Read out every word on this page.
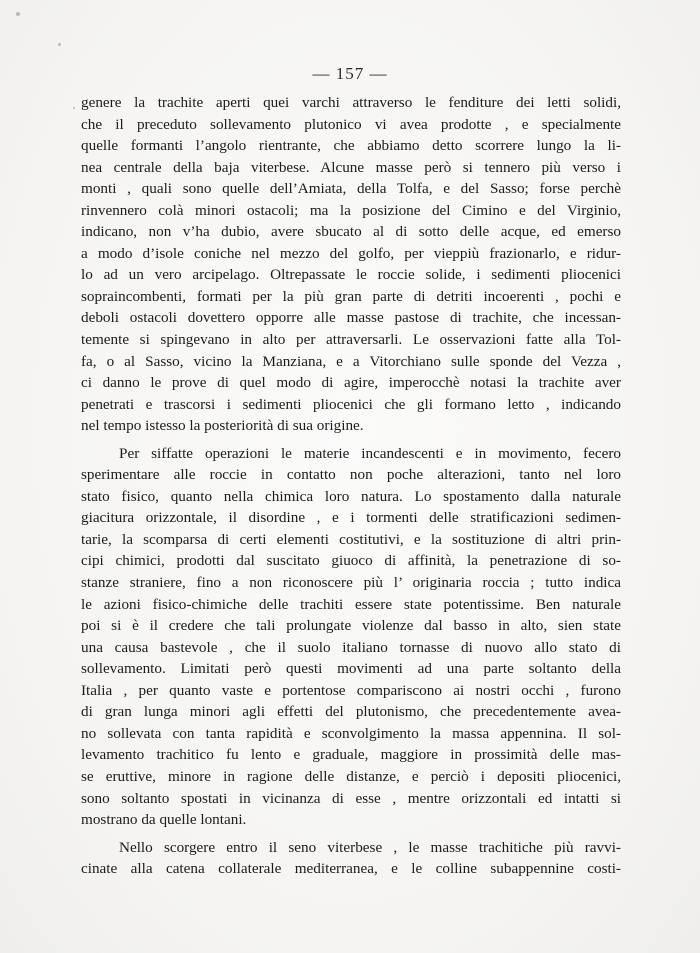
— 157 —
genere la trachite aperti quei varchi attraverso le fenditure dei letti solidi,
che il preceduto sollevamento plutonico vi avea prodotte , e specialmente
quelle formanti l’angolo rientrante, che abbiamo detto scorrere lungo la li-
nea centrale della baja viterbese. Alcune masse però si tennero più verso i
monti , quali sono quelle dell’Amiata, della Tolfa, e del Sasso; forse perchè
rinvennero colà minori ostacoli; ma la posizione del Cimino e del Virginio,
indicano, non v’ha dubio, avere sbucato al di sotto delle acque, ed emerso
a modo d’isole coniche nel mezzo del golfo, per vieppiù frazionarlo, e ridur-
lo ad un vero arcipelago. Oltrepassate le roccie solide, i sedimenti pliocenici
sopraincombenti, formati per la più gran parte di detriti incoerenti , pochi e
deboli ostacoli dovettero opporre alle masse pastose di trachite, che incessan-
temente si spingevano in alto per attraversarli. Le osservazioni fatte alla Tol-
fa, o al Sasso, vicino la Manziana, e a Vitorchiano sulle sponde del Vezza ,
ci danno le prove di quel modo di agire, imperocchè notasi la trachite aver
penetrati e trascorsi i sedimenti pliocenici che gli formano letto , indicando
nel tempo istesso la posteriorità di sua origine.
Per siffatte operazioni le materie incandescenti e in movimento, fecero
sperimentare alle roccie in contatto non poche alterazioni, tanto nel loro
stato fisico, quanto nella chimica loro natura. Lo spostamento dalla naturale
giacitura orizzontale, il disordine , e i tormenti delle stratificazioni sedimen-
tarie, la scomparsa di certi elementi costitutivi, e la sostituzione di altri prin-
cipi chimici, prodotti dal suscitato giuoco di affinità, la penetrazione di so-
stanze straniere, fino a non riconoscere più l’ originaria roccia ; tutto indica
le azioni fisico-chimiche delle trachiti essere state potentissime. Ben naturale
poi si è il credere che tali prolungate violenze dal basso in alto, sien state
una causa bastevole , che il suolo italiano tornasse di nuovo allo stato di
sollevamento. Limitati però questi movimenti ad una parte soltanto della
Italia , per quanto vaste e portentose compariscono ai nostri occhi , furono
di gran lunga minori agli effetti del plutonismo, che precedentemente avea-
no sollevata con tanta rapidità e sconvolgimento la massa appennina. Il sol-
levamento trachitico fu lento e graduale, maggiore in prossimità delle mas-
se eruttive, minore in ragione delle distanze, e perciò i depositi pliocenici,
sono soltanto spostati in vicinanza di esse , mentre orizzontali ed intatti si
mostrano da quelle lontani.
Nello scorgere entro il seno viterbese , le masse trachitiche più ravvi-
cinate alla catena collaterale mediterranea, e le colline subappennine costi-
